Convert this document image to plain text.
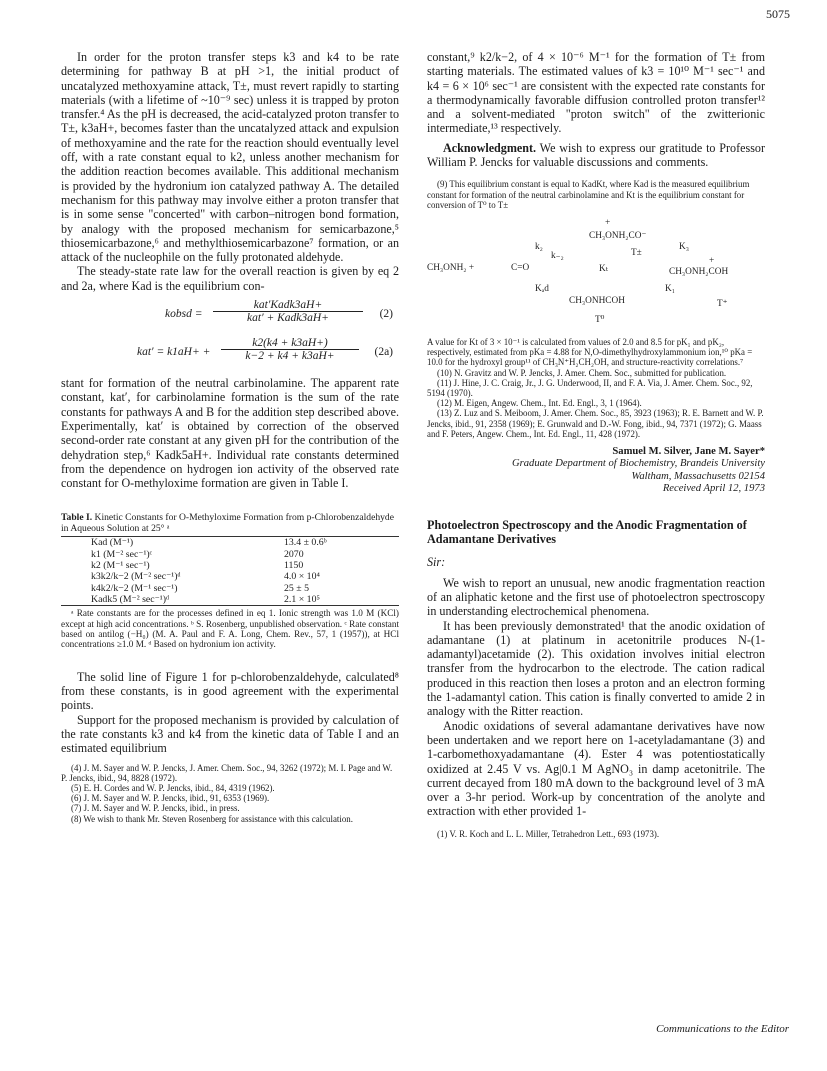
5075

In order for the proton transfer steps k3 and k4 to be rate determining for pathway B at pH >1, the initial product of uncatalyzed methoxyamine attack, T±, must revert rapidly to starting materials (with a lifetime of ~10⁻⁹ sec) unless it is trapped by proton transfer.⁴ As the pH is decreased, the acid-catalyzed proton transfer to T±, k3aH+, becomes faster than the uncatalyzed attack and expulsion of methoxyamine and the rate for the reaction should eventually level off, with a rate constant equal to k2, unless another mechanism for the addition reaction becomes available. This additional mechanism is provided by the hydronium ion catalyzed pathway A. The detailed mechanism for this pathway may involve either a proton transfer that is in some sense "concerted" with carbon–nitrogen bond formation, by analogy with the proposed mechanism for semicarbazone,⁵ thiosemicarbazone,⁶ and methylthiosemicarbazone⁷ formation, or an attack of the nucleophile on the fully protonated aldehyde.

The steady-state rate law for the overall reaction is given by eq 2 and 2a, where Kad is the equilibrium con-

kobsd =
kat′Kadk3aH+
kat′ + Kadk3aH+	(2)
$kat' = k1aH+ + \frac{k2(k4 + k3aH+)}{k-2 + k4 + k3aH+} (2a)$

stant for formation of the neutral carbinolamine. The apparent rate constant, kat′, for carbinolamine formation is the sum of the rate constants for pathways A and B for the addition step described above. Experimentally, kat′ is obtained by correction of the observed second-order rate constant at any given pH for the contribution of the dehydration step,⁶ Kadk5aH+. Individual rate constants determined from the dependence on hydrogen ion activity of the observed rate constant for O-methyloxime formation are given in Table I.

Table I. Kinetic Constants for O-Methyloxime Formation from p-Chlorobenzaldehyde in Aqueous Solution at 25° ᵃ
Kad (M⁻¹)	13.4 ± 0.6ᵇ
k1 (M⁻² sec⁻¹)ᶜ	2070
k2 (M⁻¹ sec⁻¹)	1150
k3k2/k−2 (M⁻² sec⁻¹)ᵈ	4.0 × 10⁴
k4k2/k−2 (M⁻¹ sec⁻¹)	25 ± 5
Kadk5 (M⁻² sec⁻¹)ᵈ	2.1 × 10⁵
ᵃ Rate constants are for the processes defined in eq 1. Ionic strength was 1.0 M (KCl) except at high acid concentrations. ᵇ S. Rosenberg, unpublished observation. ᶜ Rate constant based on antilog (−H₀) (M. A. Paul and F. A. Long, Chem. Rev., 57, 1 (1957)), at HCl concentrations ≥1.0 M. ᵈ Based on hydronium ion activity.

The solid line of Figure 1 for p-chlorobenzaldehyde, calculated⁸ from these constants, is in good agreement with the experimental points.

Support for the proposed mechanism is provided by calculation of the rate constants k3 and k4 from the kinetic data of Table I and an estimated equilibrium

(4) J. M. Sayer and W. P. Jencks, J. Amer. Chem. Soc., 94, 3262 (1972); M. I. Page and W. P. Jencks, ibid., 94, 8828 (1972).
(5) E. H. Cordes and W. P. Jencks, ibid., 84, 4319 (1962).
(6) J. M. Sayer and W. P. Jencks, ibid., 91, 6353 (1969).
(7) J. M. Sayer and W. P. Jencks, ibid., in press.
(8) We wish to thank Mr. Steven Rosenberg for assistance with this calculation.

constant,⁹ k2/k−2, of 4 × 10⁻⁶ M⁻¹ for the formation of T± from starting materials. The estimated values of k3 = 10¹⁰ M⁻¹ sec⁻¹ and k4 = 6 × 10⁶ sec⁻¹ are consistent with the expected rate constants for a thermodynamically favorable diffusion controlled proton transfer¹² and a solvent-mediated "proton switch" of the zwitterionic intermediate,¹³ respectively.

Acknowledgment. We wish to express our gratitude to Professor William P. Jencks for valuable discussions and comments.

(9) This equilibrium constant is equal to KadKt, where Kad is the measured equilibrium constant for formation of the neutral carbinolamine and Kt is the equilibrium constant for conversion of T⁰ to T±
+
CH₃ONH₂CO⁻
k₂
k₋₂	T±
K₃
CH₃ONH₂ +	C=O	Kₜ
+
CH₃ONH₂COH
Kₐd	K₁
CH₃ONHCOH	T⁺
T⁰
A value for Kt of 3 × 10⁻¹ is calculated from values of 2.0 and 8.5 for pK₁ and pK₂, respectively, estimated from pKa = 4.88 for N,O-dimethylhydroxylammonium ion,¹⁰ pKa = 10.0 for the hydroxyl group¹¹ of CH₃N⁺H₂CH₂OH, and structure-reactivity correlations.⁷
(10) N. Gravitz and W. P. Jencks, J. Amer. Chem. Soc., submitted for publication.
(11) J. Hine, J. C. Craig, Jr., J. G. Underwood, II, and F. A. Via, J. Amer. Chem. Soc., 92, 5194 (1970).
(12) M. Eigen, Angew. Chem., Int. Ed. Engl., 3, 1 (1964).
(13) Z. Luz and S. Meiboom, J. Amer. Chem. Soc., 85, 3923 (1963); R. E. Barnett and W. P. Jencks, ibid., 91, 2358 (1969); E. Grunwald and D.-W. Fong, ibid., 94, 7371 (1972); G. Maass and F. Peters, Angew. Chem., Int. Ed. Engl., 11, 428 (1972).
Samuel M. Silver, Jane M. Sayer*
Graduate Department of Biochemistry, Brandeis University
Waltham, Massachusetts 02154
Received April 12, 1973
Photoelectron Spectroscopy and the Anodic Fragmentation of Adamantane Derivatives
Sir:

We wish to report an unusual, new anodic fragmentation reaction of an aliphatic ketone and the first use of photoelectron spectroscopy in understanding electrochemical phenomena.

It has been previously demonstrated¹ that the anodic oxidation of adamantane (1) at platinum in acetonitrile produces N-(1-adamantyl)acetamide (2). This oxidation involves initial electron transfer from the hydrocarbon to the electrode. The cation radical produced in this reaction then loses a proton and an electron forming the 1-adamantyl cation. This cation is finally converted to amide 2 in analogy with the Ritter reaction.

Anodic oxidations of several adamantane derivatives have now been undertaken and we report here on 1-acetyladamantane (3) and 1-carbomethoxyadamantane (4). Ester 4 was potentiostatically oxidized at 2.45 V vs. Ag|0.1 M AgNO₃ in damp acetonitrile. The current decayed from 180 mA down to the background level of 3 mA over a 3-hr period. Work-up by concentration of the anolyte and extraction with ether provided 1-

(1) V. R. Koch and L. L. Miller, Tetrahedron Lett., 693 (1973).
Communications to the Editor
